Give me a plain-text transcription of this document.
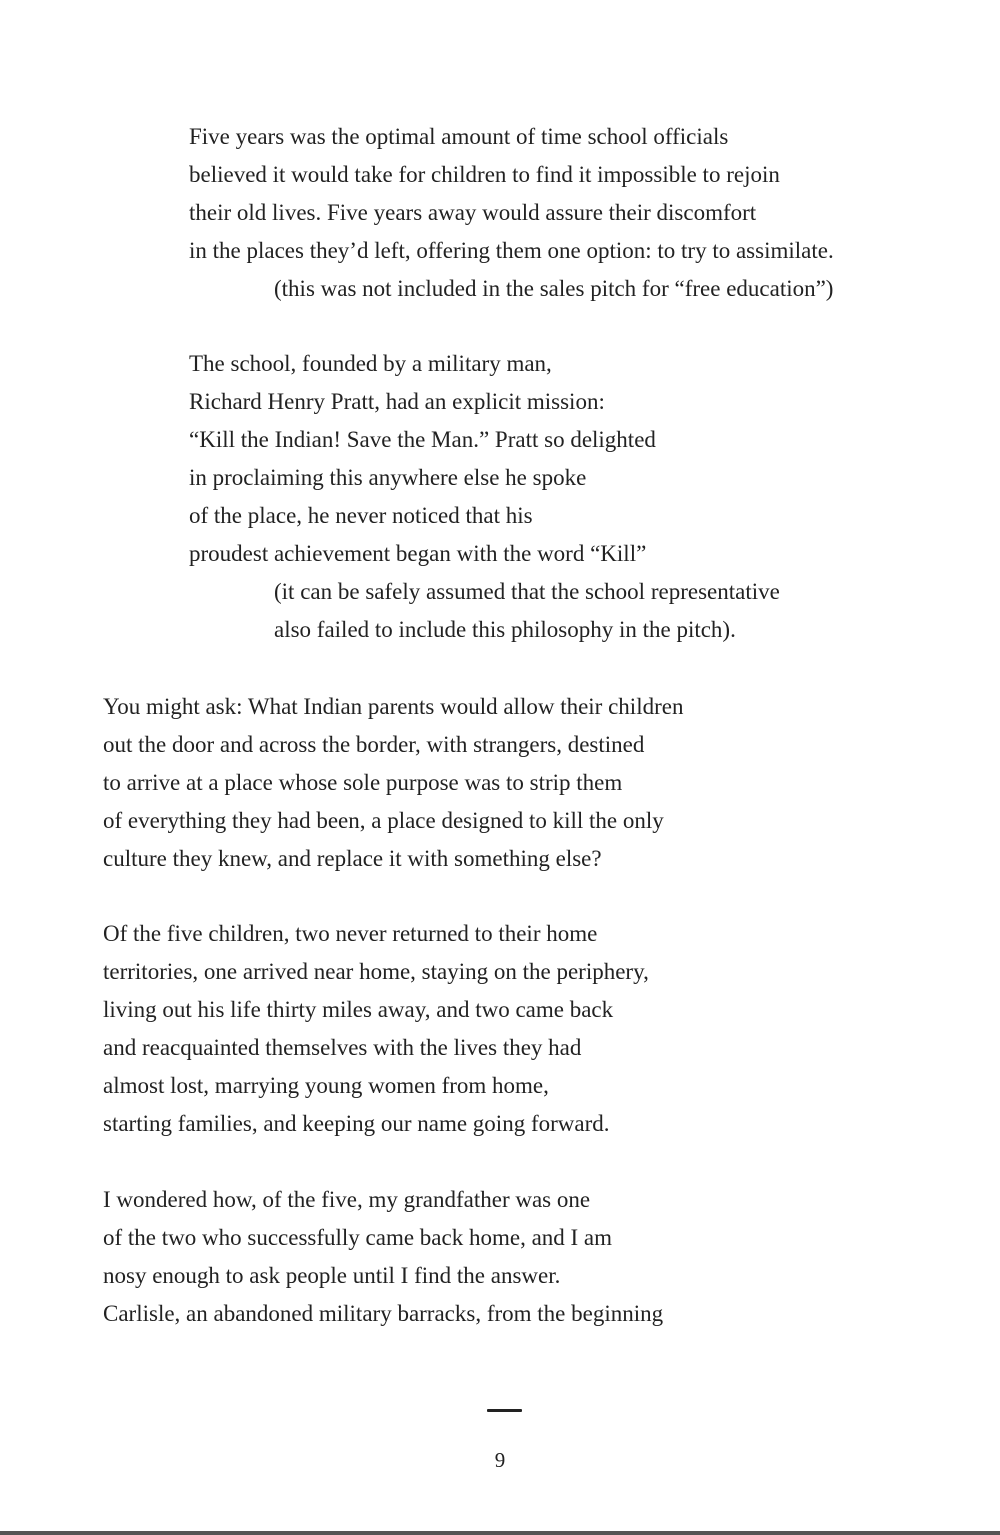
Five years was the optimal amount of time school officials
believed it would take for children to find it impossible to rejoin
their old lives. Five years away would assure their discomfort
in the places they’d left, offering them one option: to try to assimilate.
(this was not included in the sales pitch for “free education”)
The school, founded by a military man,
Richard Henry Pratt, had an explicit mission:
“Kill the Indian! Save the Man.” Pratt so delighted
in proclaiming this anywhere else he spoke
of the place, he never noticed that his
proudest achievement began with the word “Kill”
(it can be safely assumed that the school representative
also failed to include this philosophy in the pitch).
You might ask: What Indian parents would allow their children
out the door and across the border, with strangers, destined
to arrive at a place whose sole purpose was to strip them
of everything they had been, a place designed to kill the only
culture they knew, and replace it with something else?
Of the five children, two never returned to their home
territories, one arrived near home, staying on the periphery,
living out his life thirty miles away, and two came back
and reacquainted themselves with the lives they had
almost lost, marrying young women from home,
starting families, and keeping our name going forward.
I wondered how, of the five, my grandfather was one
of the two who successfully came back home, and I am
nosy enough to ask people until I find the answer.
Carlisle, an abandoned military barracks, from the beginning
9
